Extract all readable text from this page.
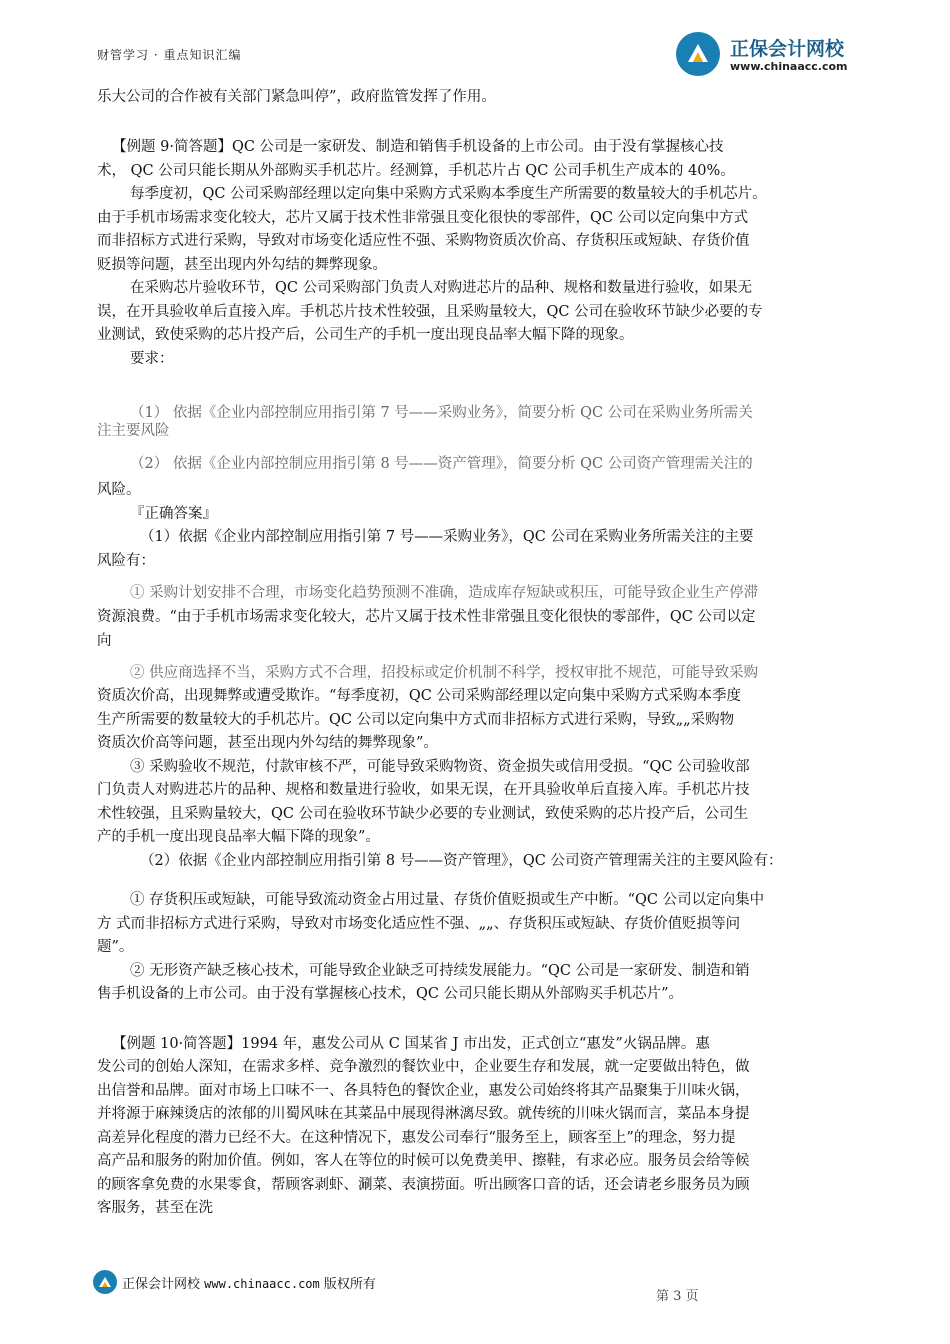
财管学习 · 重点知识汇编	正保会计网校
www.chinaacc.com
乐大公司的合作被有关部门紧急叫停”，政府监管发挥了作用。
【例题 9·简答题】QC 公司是一家研发、制造和销售手机设备的上市公司。由于没有掌握核心技
术， QC 公司只能长期从外部购买手机芯片。经测算，手机芯片占 QC 公司手机生产成本的 40%。
每季度初，QC 公司采购部经理以定向集中采购方式采购本季度生产所需要的数量较大的手机芯片。
由于手机市场需求变化较大，芯片又属于技术性非常强且变化很快的零部件，QC 公司以定向集中方式
而非招标方式进行采购，导致对市场变化适应性不强、采购物资质次价高、存货积压或短缺、存货价值
贬损等问题，甚至出现内外勾结的舞弊现象。
在采购芯片验收环节，QC 公司采购部门负责人对购进芯片的品种、规格和数量进行验收，如果无
误，在开具验收单后直接入库。手机芯片技术性较强，且采购量较大，QC 公司在验收环节缺少必要的专
业测试，致使采购的芯片投产后，公司生产的手机一度出现良品率大幅下降的现象。
要求：
（1） 依据《企业内部控制应用指引第 7 号——采购业务》，简要分析 QC 公司在采购业务所需关
注主要风险
（2） 依据《企业内部控制应用指引第 8 号——资产管理》，简要分析 QC 公司资产管理需关注的
风险。
『正确答案』
（1）依据《企业内部控制应用指引第 7 号——采购业务》，QC 公司在采购业务所需关注的主要
风险有：
① 采购计划安排不合理，市场变化趋势预测不准确，造成库存短缺或积压，可能导致企业生产停滞
资源浪费。“由于手机市场需求变化较大，芯片又属于技术性非常强且变化很快的零部件，QC 公司以定
向
② 供应商选择不当，采购方式不合理，招投标或定价机制不科学，授权审批不规范，可能导致采购
资质次价高，出现舞弊或遭受欺诈。“每季度初，QC 公司采购部经理以定向集中采购方式采购本季度
生产所需要的数量较大的手机芯片。QC 公司以定向集中方式而非招标方式进行采购，导致„„采购物
资质次价高等问题，甚至出现内外勾结的舞弊现象”。
③ 采购验收不规范，付款审核不严，可能导致采购物资、资金损失或信用受损。“QC 公司验收部
门负责人对购进芯片的品种、规格和数量进行验收，如果无误，在开具验收单后直接入库。手机芯片技
术性较强，且采购量较大，QC 公司在验收环节缺少必要的专业测试，致使采购的芯片投产后，公司生
产的手机一度出现良品率大幅下降的现象”。
（2）依据《企业内部控制应用指引第 8 号——资产管理》，QC 公司资产管理需关注的主要风险有：
① 存货积压或短缺，可能导致流动资金占用过量、存货价值贬损或生产中断。“QC 公司以定向集中
方 式而非招标方式进行采购，导致对市场变化适应性不强、„„、存货积压或短缺、存货价值贬损等问
题”。
② 无形资产缺乏核心技术，可能导致企业缺乏可持续发展能力。“QC 公司是一家研发、制造和销
售手机设备的上市公司。由于没有掌握核心技术，QC 公司只能长期从外部购买手机芯片”。
【例题 10·简答题】1994 年，惠发公司从 C 国某省 J 市出发，正式创立“惠发”火锅品牌。惠
发公司的创始人深知，在需求多样、竞争激烈的餐饮业中，企业要生存和发展，就一定要做出特色，做
出信誉和品牌。面对市场上口味不一、各具特色的餐饮企业，惠发公司始终将其产品聚集于川味火锅，
并将源于麻辣烫店的浓郁的川蜀风味在其菜品中展现得淋漓尽致。就传统的川味火锅而言，菜品本身提
高差异化程度的潜力已经不大。在这种情况下，惠发公司奉行“服务至上，顾客至上”的理念，努力提
高产品和服务的附加价值。例如，客人在等位的时候可以免费美甲、擦鞋，有求必应。服务员会给等候
的顾客拿免费的水果零食，帮顾客剥虾、涮菜、表演捞面。听出顾客口音的话，还会请老乡服务员为顾
客服务，甚至在洗
正保会计网校 www.chinaacc.com 版权所有
第 3 页
